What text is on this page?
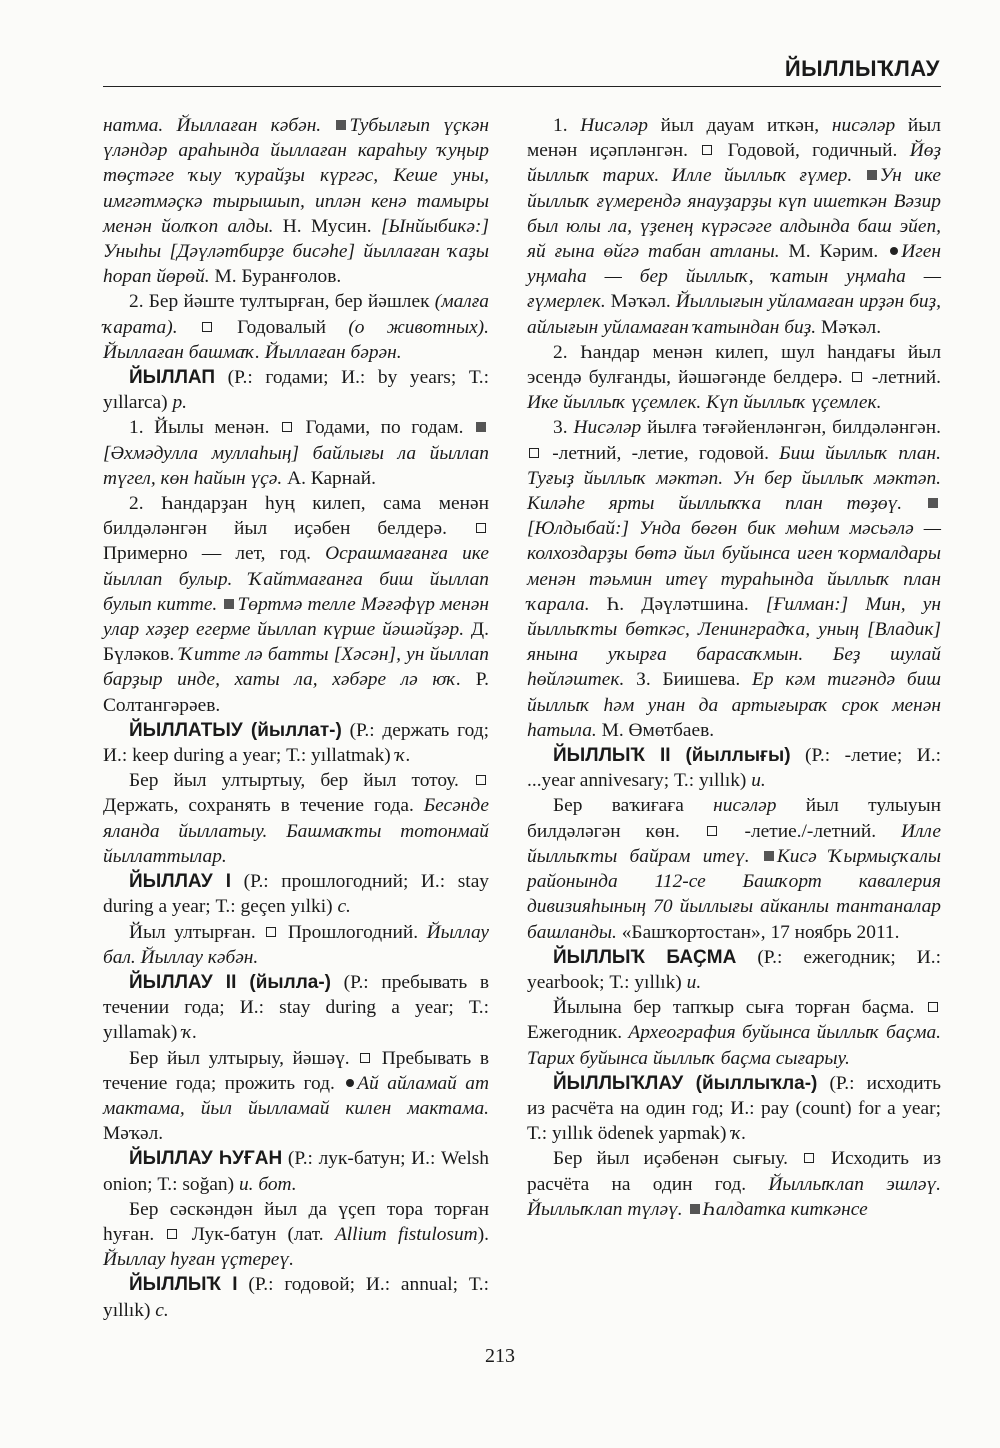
ЙЫЛЛЫҠЛАУ

натма. Йыллаған кәбән. Тубылғып үҫкән үләндәр араһында йыллаған караһыу ҡуңыр төҫтәге ҡыу ҡурайҙы күргәс, Кеше уны, имгәтмәҫкә тырышып, иплән кенә тамыры менән йолҡоп алды. Н. Мусин. [Ынйыбикә:] Уныһы [Дәүләтбирҙе бисәһе] йыллаған ҡаҙы һорап йөрөй. М. Буранғолов.

2. Бер йәште тултырған, бер йәшлек (малға ҡарата).  Годовалый (о животных). Йыллаған башмаҡ. Йыллаған бәрән.

ЙЫЛЛАП (Р.: годами; И.: by years; Т.: yıllarca) р.

1. Йылы менән.  Годами, по годам. [Әхмәдулла муллаһың] байлығы ла йыллап түгел, көн һайын үҫә. А. Карнай.

2. Һандарҙан һуң килеп, сама менән билдәләнгән йыл иҫәбен белдерә.  Примерно — лет, год. Осрашмағанға ике йыллап булыр. Ҡайтмағанға биш йыллап булып китте. Төртмә телле Мәғәфүр менән улар хәҙер егерме йыллап күрше йәшәйҙәр. Д. Бүләков. Ҡитте лә батты [Хәсән], ун йыллап барҙыр инде, хаты ла, хәбәре лә юҡ. Р. Солтангәрәев.

ЙЫЛЛАТЫУ (йыллат-) (Р.: держать год; И.: keep during a year; Т.: yıllatmak) ҡ.

Бер йыл ултыртыу, бер йыл тотоу.  Держать, сохранять в течение года. Бесәнде яланда йыллатыу. Башмаҡты тотонмай йыллаттылар.

ЙЫЛЛАУ I (Р.: прошлогодний; И.: stay during a year; Т.: geçen yılki) с.

Йыл ултырған.  Прошлогодний. Йыллау бал. Йыллау кәбән.

ЙЫЛЛАУ II (йылла-) (Р.: пребывать в течении года; И.: stay during a year; Т.: yıllamak) ҡ.

Бер йыл ултырыу, йәшәү.  Пребывать в течение года; прожить год. Ай айламай ат мактама, йыл йылламай килен мактама. Мәҡәл.

ЙЫЛЛАУ ҺУҒАН (Р.: лук-батун; И.: Welsh onion; Т.: soğan) и. бот.

Бер сәскәндән йыл да үҫеп тора торған һуған.  Лук-батун (лат. Allium fistulosum). Йыллау һуған үҫтереү.

ЙЫЛЛЫҠ I (Р.: годовой; И.: annual; Т.: yıllık) с.

1. Нисәләр йыл дауам иткән, нисәләр йыл менән иҫәпләнгән.  Годовой, годичный. Йөҙ йыллыҡ тарих. Илле йыллыҡ ғүмер. Ун ике йыллыҡ ғүмерендә янауҙарҙы күп ишеткән Вәзир был юлы ла, үҙенең күрәсәге алдында баш эйеп, яй ғына өйгә табан атланы. М. Кәрим. Иген уңмаһа — бер йыллыҡ, ҡатын уңмаһа — ғүмерлек. Мәҡәл. Йыллығын уйламаған ирҙән биҙ, айлығын уйламаған ҡатындан биҙ. Мәҡәл.

2. Һандар менән килеп, шул һандағы йыл эсендә булғанды, йәшәгәнде белдерә.  -летний. Ике йыллыҡ үҫемлек. Күп йыллыҡ үҫемлек.

3. Нисәләр йылға тәғәйенләнгән, билдәләнгән.  -летний, -летие, годовой. Биш йыллыҡ план. Туғыҙ йыллыҡ мәктәп. Ун бер йыллыҡ мәктәп. Киләһе ярты йыллыҡҡа план төҙөү. [Юлдыбай:] Унда бөгөн бик мөһим мәсьәлә — колхоздарҙы бөтә йыл буйынса иген ҡормалдары менән тәьмин итеү тураһында йыллыҡ план ҡарала. Һ. Дәүләтшина. [Ғилман:] Мин, ун йыллыҡты бөткәс, Ленинградҡа, уның [Владик] янына уҡырға барасаҡмын. Беҙ шулай һөйләштек. З. Биишева. Ер кәм тигәндә биш йыллыҡ һәм унан да артығыраҡ срок менән һатыла. М. Өмөтбаев.

ЙЫЛЛЫҠ II (йыллығы) (Р.: -летие; И.: ...year annivesary; Т.: yıllık) и.

Бер ваҡиғаға нисәләр йыл тулыуын билдәләгән көн.  -летие./-летний. Илле йыллыҡты байрам итеү. Кисә Ҡырмыҫҡалы районында 112-се Башҡорт кавалерия дивизияһының 70 йыллығы айканлы тантаналар башланды. «Башҡортостан», 17 ноябрь 2011.

ЙЫЛЛЫҠ БАҪМА (Р.: ежегодник; И.: yearbook; Т.: yıllık) и.

Йылына бер тапҡыр сыға торған баҫма.  Ежегодник. Археография буйынса йыллыҡ баҫма. Тарих буйынса йыллыҡ баҫма сығарыу.

ЙЫЛЛЫҠЛАУ (йыллыҡла-) (Р.: исходить из расчёта на один год; И.: pay (count) for a year; Т.: yıllık ödenek yapmak) ҡ.

Бер йыл иҫәбенән сығыу.  Исходить из расчёта на один год. Йыллыҡлап эшләү. Йыллыҡлап түләү. Һалдатка киткәнсе

213
